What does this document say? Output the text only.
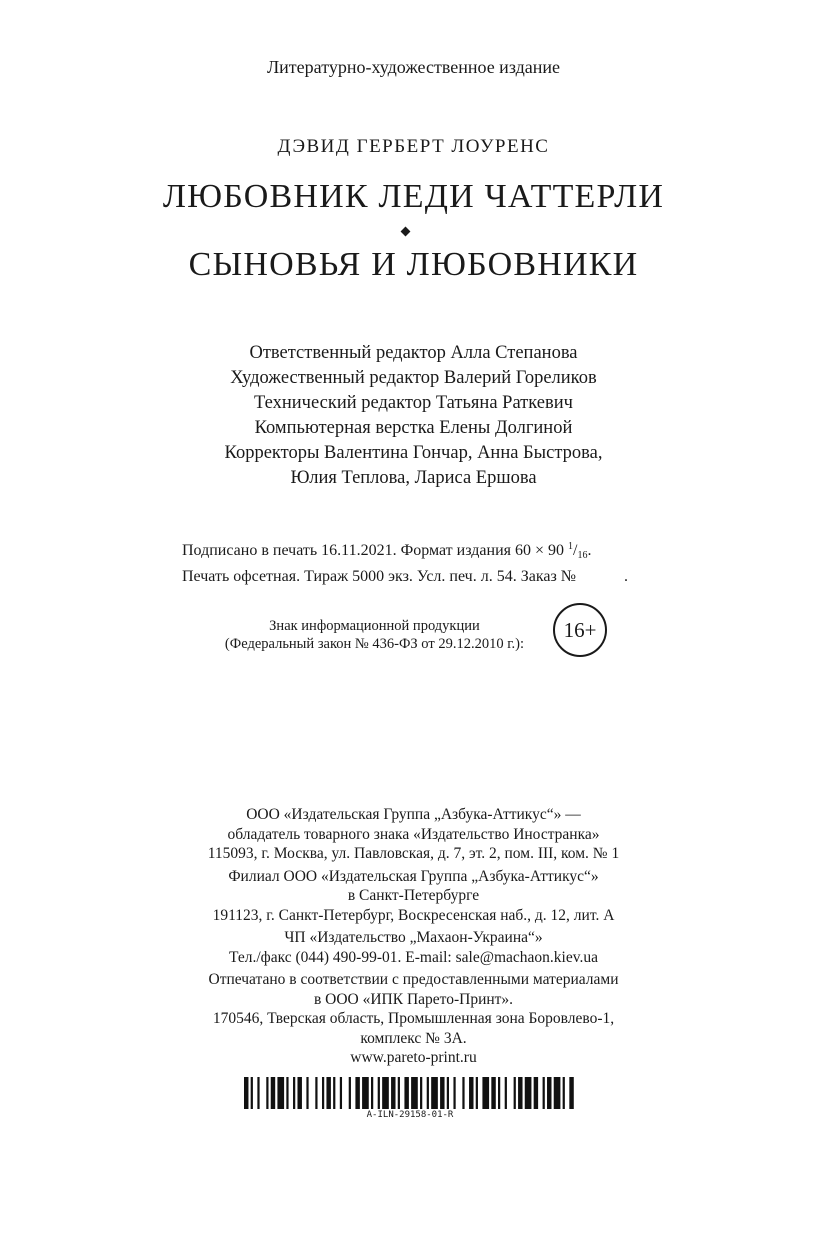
Литературно-художественное издание
ДЭВИД ГЕРБЕРТ ЛОУРЕНС
ЛЮБОВНИК ЛЕДИ ЧАТТЕРЛИ
СЫНОВЬЯ И ЛЮБОВНИКИ
Ответственный редактор Алла Степанова
Художественный редактор Валерий Гореликов
Технический редактор Татьяна Раткевич
Компьютерная верстка Елены Долгиной
Корректоры Валентина Гончар, Анна Быстрова,
Юлия Теплова, Лариса Ершова
Подписано в печать 16.11.2021. Формат издания 60 × 90 $^1/_{16}$.
Печать офсетная. Тираж 5000 экз. Усл. печ. л. 54. Заказ №	.
Знак информационной продукции
(Федеральный закон № 436-ФЗ от 29.12.2010 г.):
16+
ООО «Издательская Группа „Азбука-Аттикус“» —
обладатель товарного знака «Издательство Иностранка»
115093, г. Москва, ул. Павловская, д. 7, эт. 2, пом. III, ком. № 1
Филиал ООО «Издательская Группа „Азбука-Аттикус“»
в Санкт-Петербурге
191123, г. Санкт-Петербург, Воскресенская наб., д. 12, лит. А
ЧП «Издательство „Махаон-Украина“»
Тел./факс (044) 490-99-01. E-mail: sale@machaon.kiev.ua
Отпечатано в соответствии с предоставленными материалами
в ООО «ИПК Парето-Принт».
170546, Тверская область, Промышленная зона Боровлево-1,
комплекс № 3А.
www.pareto-print.ru
A-ILN-29158-01-R
